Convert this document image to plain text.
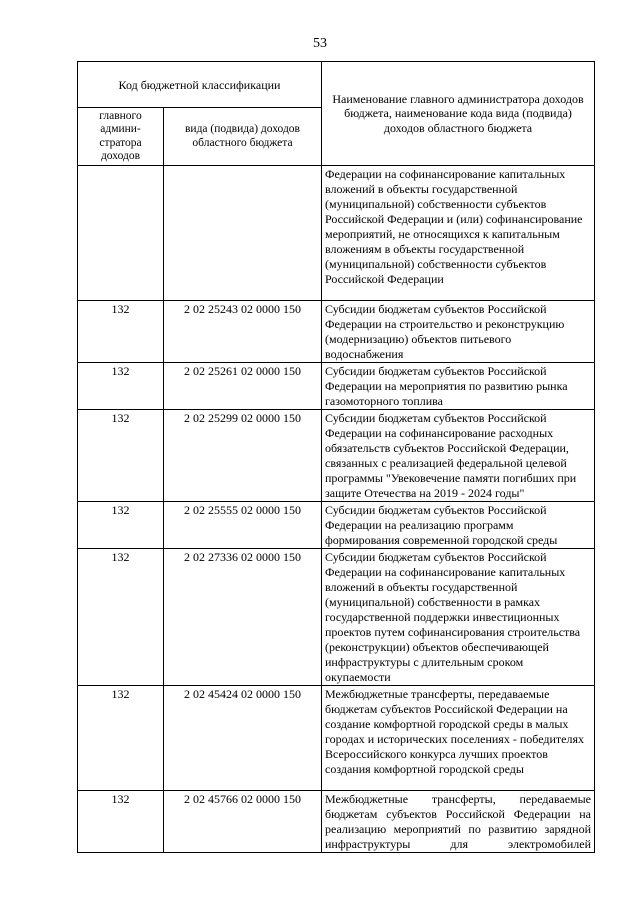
53
Код бюджетной классификации		Наименование главного администратора доходов бюджета, наименование кода вида (подвида) доходов областного бюджета
главного админи-стратора доходов	вида (подвида) доходов областного бюджета	
		Федерации на софинансирование капитальных вложений в объекты государственной (муниципальной) собственности субъектов Российской Федерации и (или) софинансирование мероприятий, не относящихся к капитальным вложениям в объекты государственной (муниципальной) собственности субъектов Российской Федерации
132	2 02 25243 02 0000 150	Субсидии бюджетам субъектов Российской Федерации на строительство и реконструкцию (модернизацию) объектов питьевого водоснабжения
132	2 02 25261 02 0000 150	Субсидии бюджетам субъектов Российской Федерации на мероприятия по развитию рынка газомоторного топлива
132	2 02 25299 02 0000 150	Субсидии бюджетам субъектов Российской Федерации на софинансирование расходных обязательств субъектов Российской Федерации, связанных с реализацией федеральной целевой программы "Увековечение памяти погибших при защите Отечества на 2019 - 2024 годы"
132	2 02 25555 02 0000 150	Субсидии бюджетам субъектов Российской Федерации на реализацию программ формирования современной городской среды
132	2 02 27336 02 0000 150	Субсидии бюджетам субъектов Российской Федерации на софинансирование капитальных вложений в объекты государственной (муниципальной) собственности в рамках государственной поддержки инвестиционных проектов путем софинансирования строительства (реконструкции) объектов обеспечивающей инфраструктуры с длительным сроком окупаемости
132	2 02 45424 02 0000 150	Межбюджетные трансферты, передаваемые бюджетам субъектов Российской Федерации на создание комфортной городской среды в малых городах и исторических поселениях - победителях Всероссийского конкурса лучших проектов создания комфортной городской среды
132	2 02 45766 02 0000 150	Межбюджетные трансферты, передаваемые бюджетам субъектов Российской Федерации на реализацию мероприятий по развитию зарядной инфраструктуры для электромобилей
